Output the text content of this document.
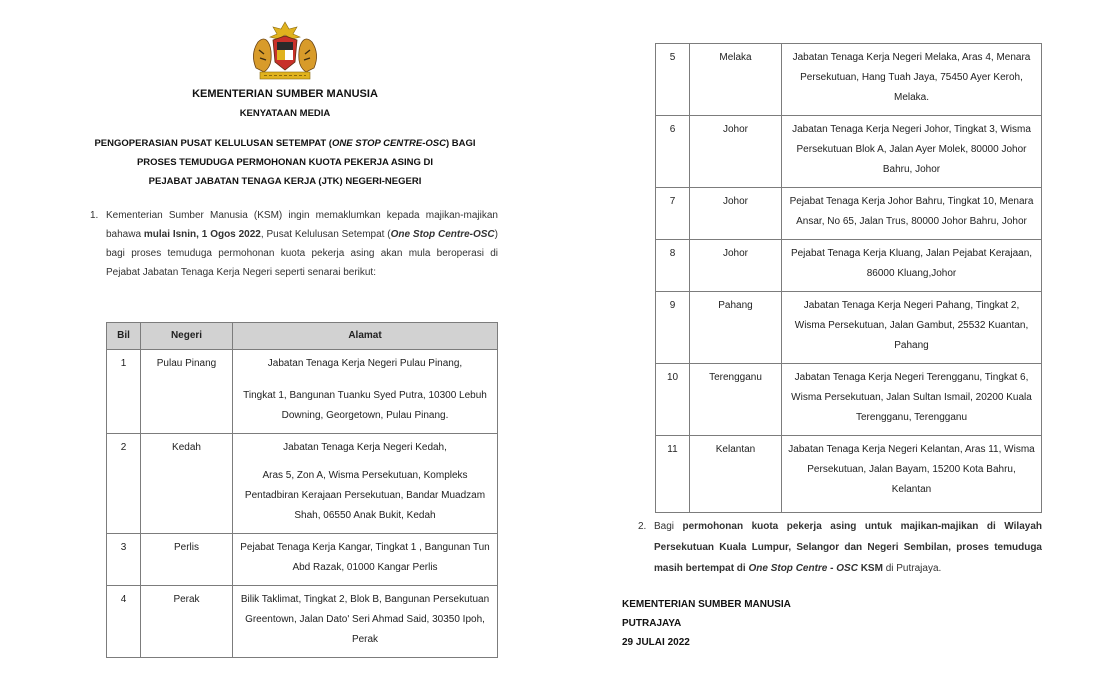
KEMENTERIAN SUMBER MANUSIA
KENYATAAN MEDIA
PENGOPERASIAN PUSAT KELULUSAN SETEMPAT (ONE STOP CENTRE-OSC) BAGI
PROSES TEMUDUGA PERMOHONAN KUOTA PEKERJA ASING DI
PEJABAT JABATAN TENAGA KERJA (JTK) NEGERI-NEGERI
1. Kementerian Sumber Manusia (KSM) ingin memaklumkan kepada majikan-majikan bahawa mulai Isnin, 1 Ogos 2022, Pusat Kelulusan Setempat (One Stop Centre-OSC) bagi proses temuduga permohonan kuota pekerja asing akan mula beroperasi di Pejabat Jabatan Tenaga Kerja Negeri seperti senarai berikut:
Bil	Negeri	Alamat
1	Pulau Pinang	Jabatan Tenaga Kerja Negeri Pulau Pinang,
Tingkat 1, Bangunan Tuanku Syed Putra, 10300 Lebuh Downing, Georgetown, Pulau Pinang.

2	Kedah	Jabatan Tenaga Kerja Negeri Kedah,
Aras 5, Zon A, Wisma Persekutuan, Kompleks Pentadbiran Kerajaan Persekutuan, Bandar Muadzam Shah, 06550 Anak Bukit, Kedah

3	Perlis	Pejabat Tenaga Kerja Kangar, Tingkat 1 , Bangunan Tun Abd Razak, 01000 Kangar Perlis
4	Perak	Bilik Taklimat, Tingkat 2, Blok B, Bangunan Persekutuan Greentown, Jalan Dato' Seri Ahmad Said, 30350 Ipoh, Perak
5	Melaka	Jabatan Tenaga Kerja Negeri Melaka, Aras 4, Menara Persekutuan, Hang Tuah Jaya, 75450 Ayer Keroh, Melaka.
6	Johor	Jabatan Tenaga Kerja Negeri Johor, Tingkat 3, Wisma Persekutuan Blok A, Jalan Ayer Molek, 80000 Johor Bahru, Johor
7	Johor	Pejabat Tenaga Kerja Johor Bahru, Tingkat 10, Menara Ansar, No 65, Jalan Trus, 80000 Johor Bahru, Johor
8	Johor	Pejabat Tenaga Kerja Kluang, Jalan Pejabat Kerajaan, 86000 Kluang,Johor
9	Pahang	Jabatan Tenaga Kerja Negeri Pahang, Tingkat 2, Wisma Persekutuan, Jalan Gambut, 25532 Kuantan, Pahang
10	Terengganu	Jabatan Tenaga Kerja Negeri Terengganu, Tingkat 6, Wisma Persekutuan, Jalan Sultan Ismail, 20200 Kuala Terengganu, Terengganu
11	Kelantan	Jabatan Tenaga Kerja Negeri Kelantan, Aras 11, Wisma Persekutuan, Jalan Bayam, 15200 Kota Bahru, Kelantan
2. Bagi permohonan kuota pekerja asing untuk majikan-majikan di Wilayah Persekutuan Kuala Lumpur, Selangor dan Negeri Sembilan, proses temuduga masih bertempat di One Stop Centre - OSC KSM di Putrajaya.
KEMENTERIAN SUMBER MANUSIA
PUTRAJAYA
29 JULAI 2022
